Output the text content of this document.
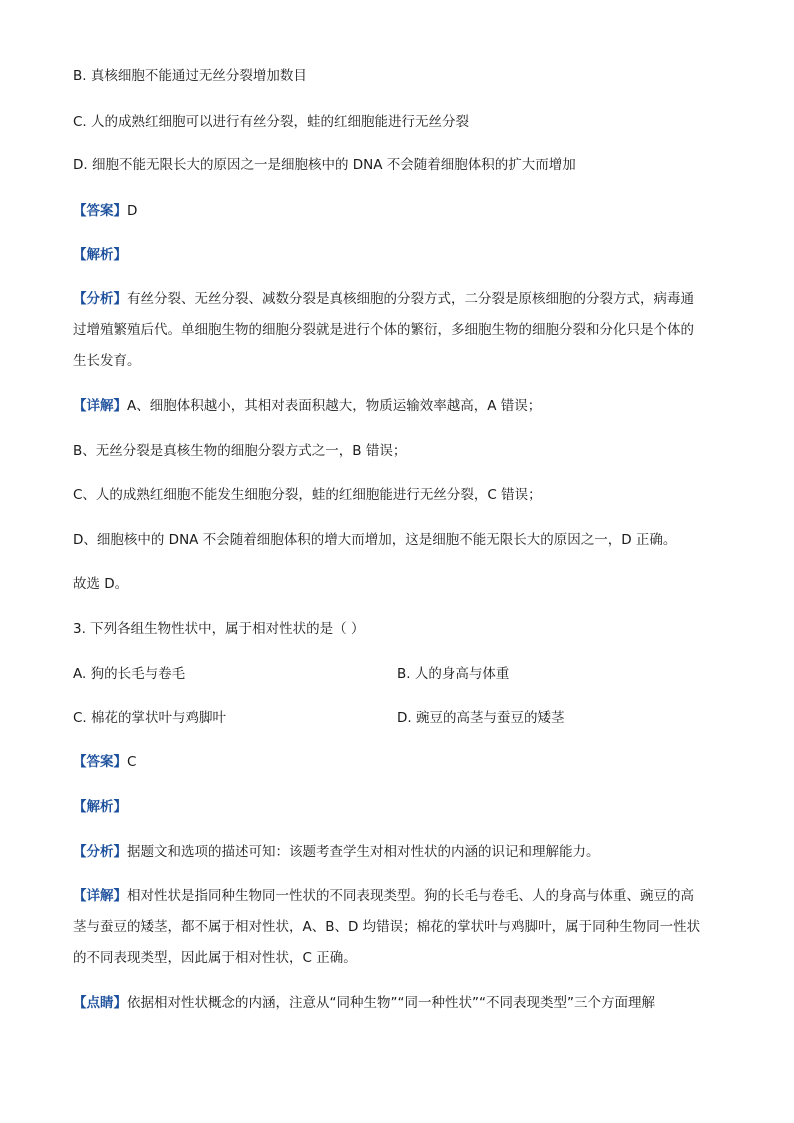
B. 真核细胞不能通过无丝分裂增加数目

C. 人的成熟红细胞可以进行有丝分裂，蛙的红细胞能进行无丝分裂

D. 细胞不能无限长大的原因之一是细胞核中的 DNA 不会随着细胞体积的扩大而增加

【答案】D

【解析】

【分析】有丝分裂、无丝分裂、减数分裂是真核细胞的分裂方式，二分裂是原核细胞的分裂方式，病毒通

过增殖繁殖后代。单细胞生物的细胞分裂就是进行个体的繁衍，多细胞生物的细胞分裂和分化只是个体的

生长发育。

【详解】A、细胞体积越小，其相对表面积越大，物质运输效率越高，A 错误；

B、无丝分裂是真核生物的细胞分裂方式之一，B 错误；

C、人的成熟红细胞不能发生细胞分裂，蛙的红细胞能进行无丝分裂，C 错误；

D、细胞核中的 DNA 不会随着细胞体积的增大而增加，这是细胞不能无限长大的原因之一，D 正确。

故选 D。

3. 下列各组生物性状中，属于相对性状的是（ ）

A. 狗的长毛与卷毛	B. 人的身高与体重

C. 棉花的掌状叶与鸡脚叶	D. 豌豆的高茎与蚕豆的矮茎

【答案】C

【解析】

【分析】据题文和选项的描述可知：该题考查学生对相对性状的内涵的识记和理解能力。

【详解】相对性状是指同种生物同一性状的不同表现类型。狗的长毛与卷毛、人的身高与体重、豌豆的高

茎与蚕豆的矮茎，都不属于相对性状，A、B、D 均错误；棉花的掌状叶与鸡脚叶，属于同种生物同一性状

的不同表现类型，因此属于相对性状，C 正确。

【点睛】依据相对性状概念的内涵，注意从“同种生物”“同一种性状”“不同表现类型”三个方面理解
